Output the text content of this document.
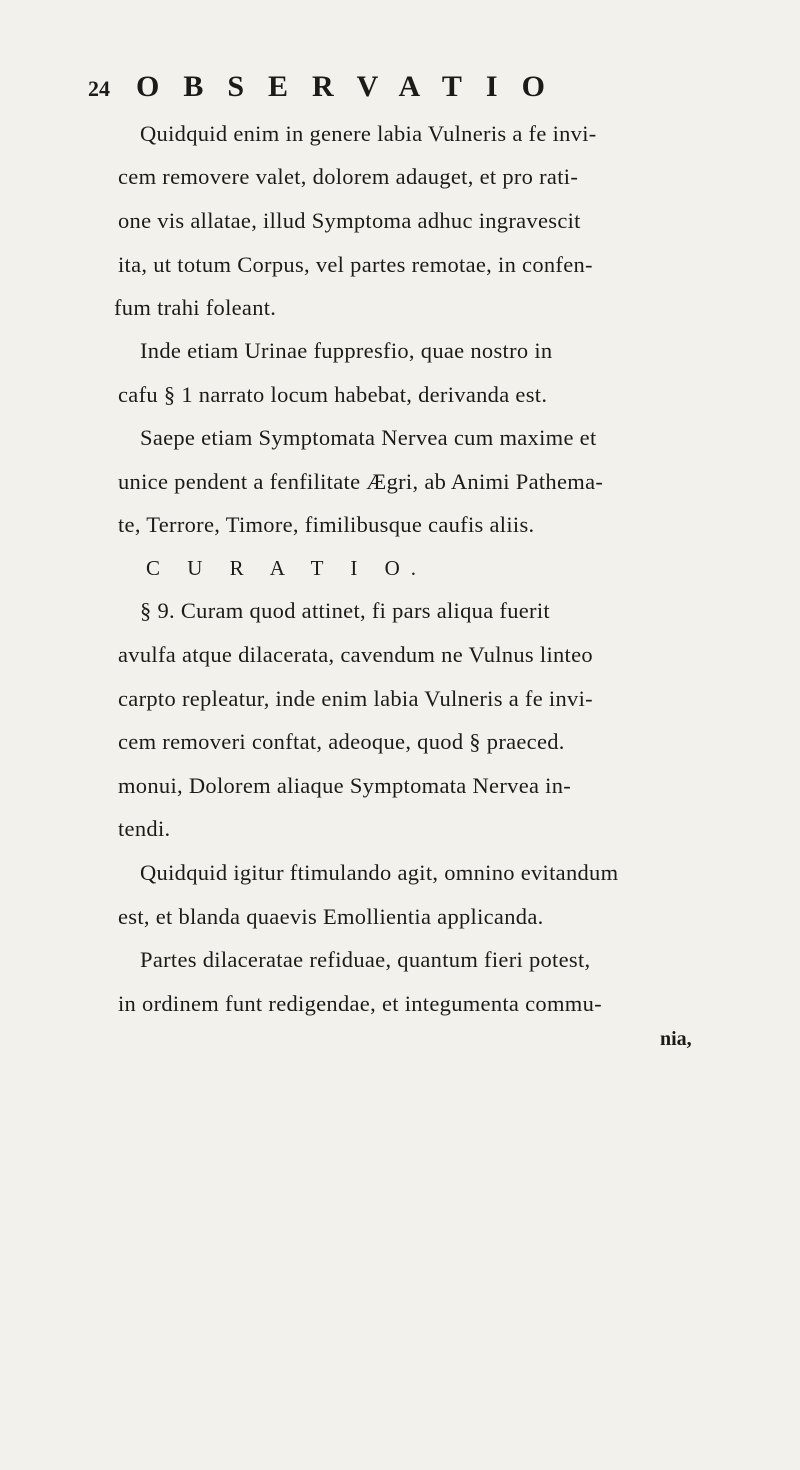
24 OBSERVATIO
Quidquid enim in genere labia Vulneris a fe invi-
cem removere valet, dolorem adauget, et pro rati-
one vis allatae, illud Symptoma adhuc ingravescit
ita, ut totum Corpus, vel partes remotae, in confen-
fum trahi foleant.
Inde etiam Urinae fuppresfio, quae nostro in
cafu § 1 narrato locum habebat, derivanda est.
Saepe etiam Symptomata Nervea cum maxime et
unice pendent a fenfilitate Ægri, ab Animi Pathema-
te, Terrore, Timore, fimilibusque caufis aliis.
C U R A T I O.
§ 9. Curam quod attinet, fi pars aliqua fuerit
avulfa atque dilacerata, cavendum ne Vulnus linteo
carpto repleatur, inde enim labia Vulneris a fe invi-
cem removeri conftat, adeoque, quod § praeced.
monui, Dolorem aliaque Symptomata Nervea in-
tendi.
Quidquid igitur ftimulando agit, omnino evitandum
est, et blanda quaevis Emollientia applicanda.
Partes dilaceratae refiduae, quantum fieri potest,
in ordinem funt redigendae, et integumenta commu-
nia,
